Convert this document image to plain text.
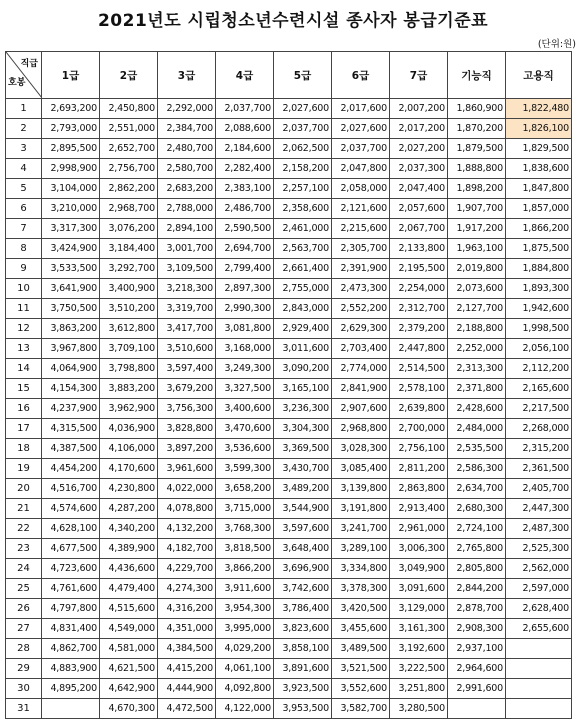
2021년도 시립청소년수련시설 종사자 봉급기준표
(단위:원)
직급
호봉	1급	2급	3급	4급	5급	6급	7급	기능직	고용직
1	2,693,200	2,450,800	2,292,000	2,037,700	2,027,600	2,017,600	2,007,200	1,860,900	1,822,480
2	2,793,000	2,551,000	2,384,700	2,088,600	2,037,700	2,027,600	2,017,200	1,870,200	1,826,100
3	2,895,500	2,652,700	2,480,700	2,184,600	2,062,500	2,037,700	2,027,200	1,879,500	1,829,500
4	2,998,900	2,756,700	2,580,700	2,282,400	2,158,200	2,047,800	2,037,300	1,888,800	1,838,600
5	3,104,000	2,862,200	2,683,200	2,383,100	2,257,100	2,058,000	2,047,400	1,898,200	1,847,800
6	3,210,000	2,968,700	2,788,000	2,486,700	2,358,600	2,121,600	2,057,600	1,907,700	1,857,000
7	3,317,300	3,076,200	2,894,100	2,590,500	2,461,000	2,215,600	2,067,700	1,917,200	1,866,200
8	3,424,900	3,184,400	3,001,700	2,694,700	2,563,700	2,305,700	2,133,800	1,963,100	1,875,500
9	3,533,500	3,292,700	3,109,500	2,799,400	2,661,400	2,391,900	2,195,500	2,019,800	1,884,800
10	3,641,900	3,400,900	3,218,300	2,897,300	2,755,000	2,473,300	2,254,000	2,073,600	1,893,300
11	3,750,500	3,510,200	3,319,700	2,990,300	2,843,000	2,552,200	2,312,700	2,127,700	1,942,600
12	3,863,200	3,612,800	3,417,700	3,081,800	2,929,400	2,629,300	2,379,200	2,188,800	1,998,500
13	3,967,800	3,709,100	3,510,600	3,168,000	3,011,600	2,703,400	2,447,800	2,252,000	2,056,100
14	4,064,900	3,798,800	3,597,400	3,249,300	3,090,200	2,774,000	2,514,500	2,313,300	2,112,200
15	4,154,300	3,883,200	3,679,200	3,327,500	3,165,100	2,841,900	2,578,100	2,371,800	2,165,600
16	4,237,900	3,962,900	3,756,300	3,400,600	3,236,300	2,907,600	2,639,800	2,428,600	2,217,500
17	4,315,500	4,036,900	3,828,800	3,470,600	3,304,300	2,968,800	2,700,000	2,484,000	2,268,000
18	4,387,500	4,106,000	3,897,200	3,536,600	3,369,500	3,028,300	2,756,100	2,535,500	2,315,200
19	4,454,200	4,170,600	3,961,600	3,599,300	3,430,700	3,085,400	2,811,200	2,586,300	2,361,500
20	4,516,700	4,230,800	4,022,000	3,658,200	3,489,200	3,139,800	2,863,800	2,634,700	2,405,700
21	4,574,600	4,287,200	4,078,800	3,715,000	3,544,900	3,191,800	2,913,400	2,680,300	2,447,300
22	4,628,100	4,340,200	4,132,200	3,768,300	3,597,600	3,241,700	2,961,000	2,724,100	2,487,300
23	4,677,500	4,389,900	4,182,700	3,818,500	3,648,400	3,289,100	3,006,300	2,765,800	2,525,300
24	4,723,600	4,436,600	4,229,700	3,866,200	3,696,900	3,334,800	3,049,900	2,805,800	2,562,000
25	4,761,600	4,479,400	4,274,300	3,911,600	3,742,600	3,378,300	3,091,600	2,844,200	2,597,000
26	4,797,800	4,515,600	4,316,200	3,954,300	3,786,400	3,420,500	3,129,000	2,878,700	2,628,400
27	4,831,400	4,549,000	4,351,000	3,995,000	3,823,600	3,455,600	3,161,300	2,908,300	2,655,600
28	4,862,700	4,581,000	4,384,500	4,029,200	3,858,100	3,489,500	3,192,600	2,937,100	
29	4,883,900	4,621,500	4,415,200	4,061,100	3,891,600	3,521,500	3,222,500	2,964,600	
30	4,895,200	4,642,900	4,444,900	4,092,800	3,923,500	3,552,600	3,251,800	2,991,600	
31		4,670,300	4,472,500	4,122,000	3,953,500	3,582,700	3,280,500		
